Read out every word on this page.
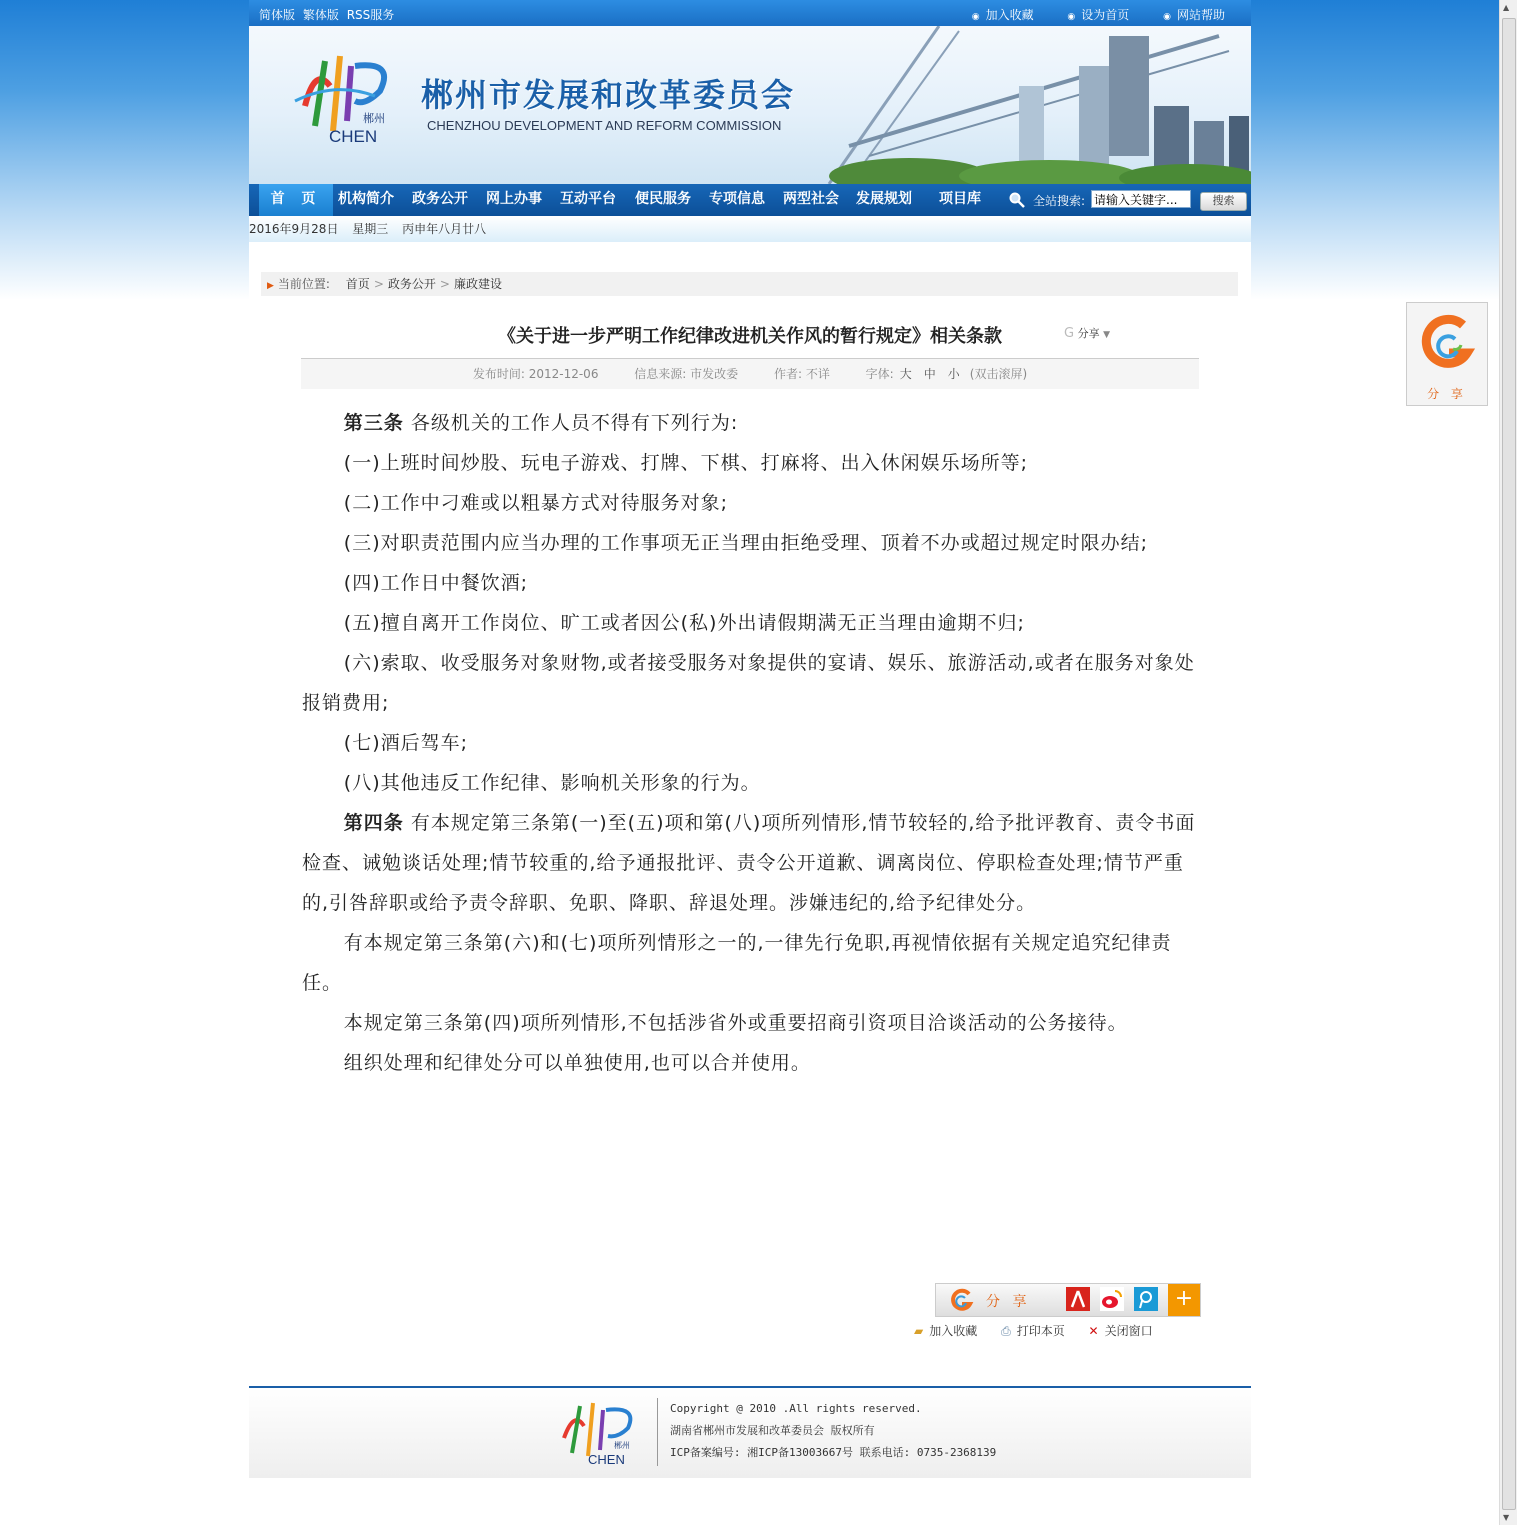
简体版 繁体版 RSS服务	◉ 加入收藏	◉ 设为首页	◉ 网站帮助
郴州
CHEN
郴州市发展和改革委员会
CHENZHOU DEVELOPMENT AND REFORM COMMISSION
首 页	机构简介 政务公开 网上办事 互动平台 便民服务 专项信息 两型社会 发展规划 项目库	全站搜索:
请输入关键字...	搜索
2016年9月28日 星期三 丙申年八月廿八
▶ 当前位置: 首页 > 政务公开 > 廉政建设
《关于进一步严明工作纪律改进机关作风的暂行规定》相关条款	G 分享 ▼
发布时间: 2012-12-06	信息来源: 市发改委	作者: 不详	字体: 大 中 小 (双击滚屏)

第三条 各级机关的工作人员不得有下列行为:

(一)上班时间炒股、玩电子游戏、打牌、下棋、打麻将、出入休闲娱乐场所等;

(二)工作中刁难或以粗暴方式对待服务对象;

(三)对职责范围内应当办理的工作事项无正当理由拒绝受理、顶着不办或超过规定时限办结;

(四)工作日中餐饮酒;

(五)擅自离开工作岗位、旷工或者因公(私)外出请假期满无正当理由逾期不归;

(六)索取、收受服务对象财物,或者接受服务对象提供的宴请、娱乐、旅游活动,或者在服务对象处报销费用;

(七)酒后驾车;

(八)其他违反工作纪律、影响机关形象的行为。

第四条 有本规定第三条第(一)至(五)项和第(八)项所列情形,情节较轻的,给予批评教育、责令书面检查、诫勉谈话处理;情节较重的,给予通报批评、责令公开道歉、调离岗位、停职检查处理;情节严重的,引咎辞职或给予责令辞职、免职、降职、辞退处理。涉嫌违纪的,给予纪律处分。

有本规定第三条第(六)和(七)项所列情形之一的,一律先行免职,再视情依据有关规定追究纪律责任。

本规定第三条第(四)项所列情形,不包括涉省外或重要招商引资项目洽谈活动的公务接待。

组织处理和纪律处分可以单独使用,也可以合并使用。

分 享	+
▰ 加入收藏 ⎙ 打印本页 ✕ 关闭窗口
郴州
CHEN
Copyright @ 2010 .All rights reserved.
湖南省郴州市发展和改革委员会 版权所有
ICP备案编号: 湘ICP备13003667号 联系电话: 0735-2368139
分 享
▲
▼
